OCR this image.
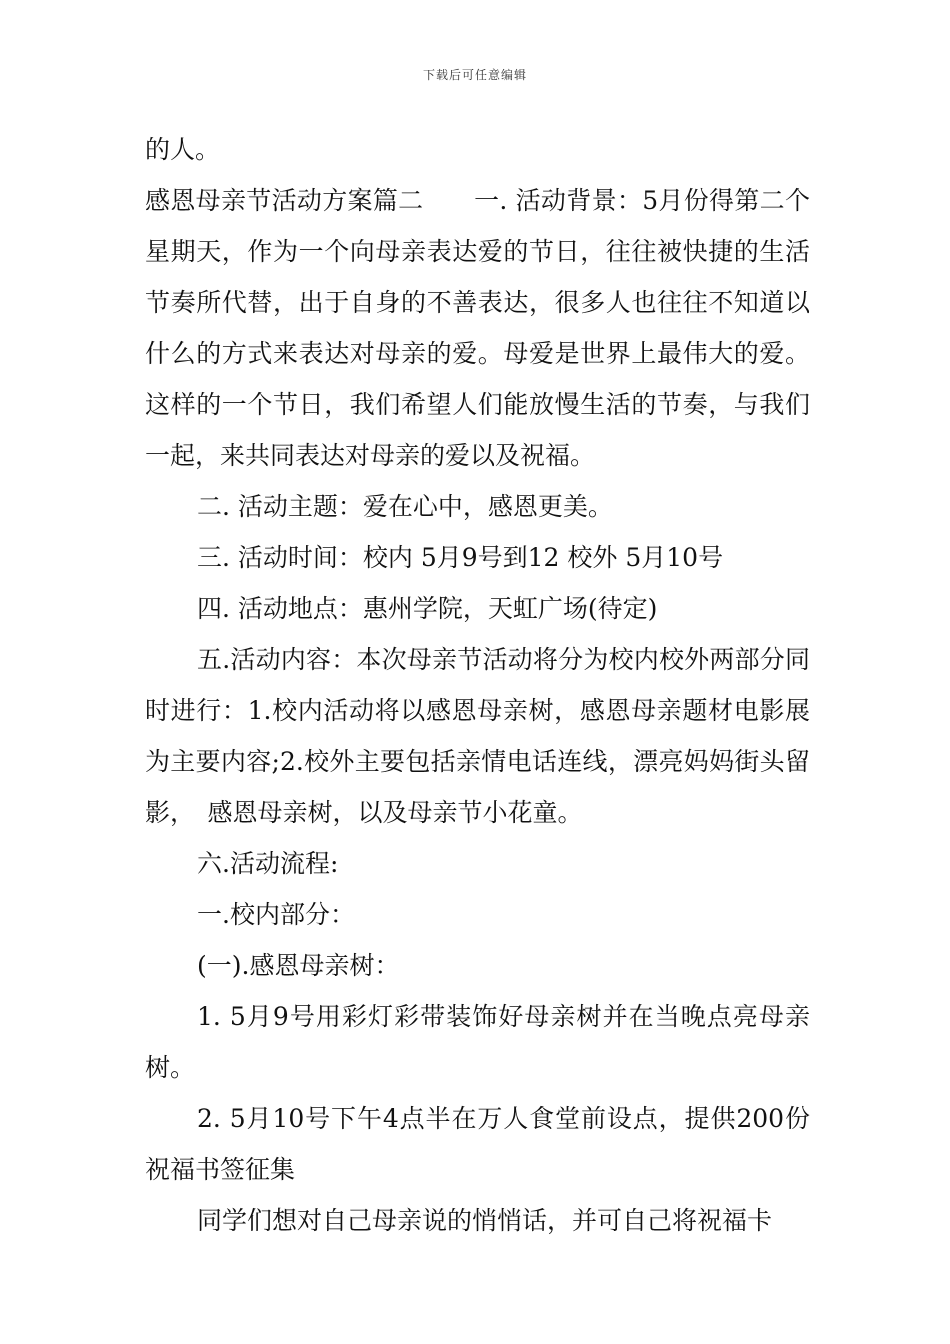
下载后可任意编辑

的人。

感恩母亲节活动方案篇二　　一. 活动背景：5月份得第二个星期天，作为一个向母亲表达爱的节日，往往被快捷的生活节奏所代替，出于自身的不善表达，很多人也往往不知道以什么的方式来表达对母亲的爱。母爱是世界上最伟大的爱。这样的一个节日，我们希望人们能放慢生活的节奏，与我们一起，来共同表达对母亲的爱以及祝福。

二. 活动主题：爱在心中，感恩更美。

三. 活动时间：校内 5月9号到12 校外 5月10号

四. 活动地点：惠州学院，天虹广场(待定)

五.活动内容：本次母亲节活动将分为校内校外两部分同时进行：1.校内活动将以感恩母亲树，感恩母亲题材电影展为主要内容;2.校外主要包括亲情电话连线，漂亮妈妈街头留影，　感恩母亲树，以及母亲节小花童。

六.活动流程:

一.校内部分：

(一).感恩母亲树：

1. 5月9号用彩灯彩带装饰好母亲树并在当晚点亮母亲树。

2. 5月10号下午4点半在万人食堂前设点，提供200份祝福书签征集

同学们想对自己母亲说的悄悄话，并可自己将祝福卡
